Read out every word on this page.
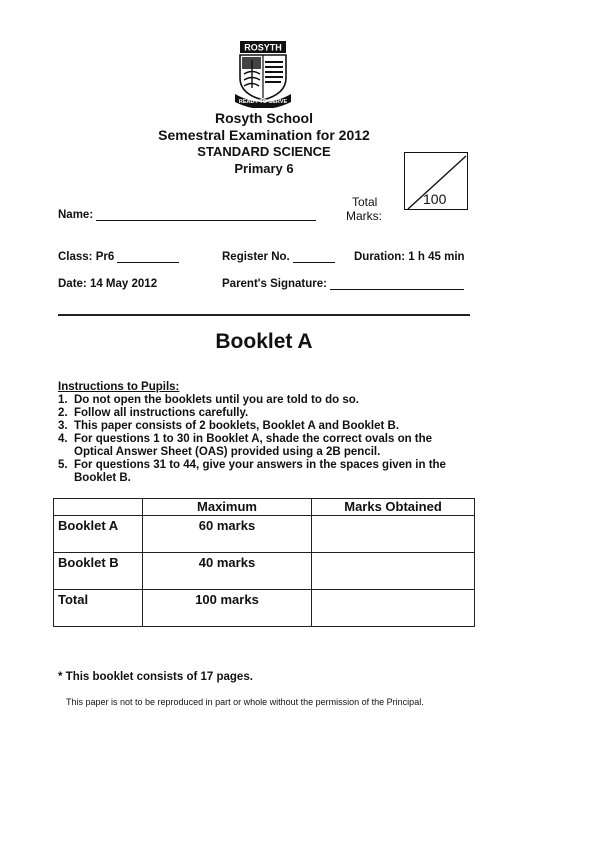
ROSYTH
READY TO SERVE
Rosyth School
Semestral Examination for 2012
STANDARD SCIENCE
Primary 6
100
Total
Marks:
Name:
Class: Pr6	Register No.	Duration: 1 h 45 min
Date: 14 May 2012	Parent's Signature:
Booklet A
Instructions to Pupils:
1. Do not open the booklets until you are told to do so.
2. Follow all instructions carefully.
3. This paper consists of 2 booklets, Booklet A and Booklet B.
4. For questions 1 to 30 in Booklet A, shade the correct ovals on the Optical Answer Sheet (OAS) provided using a 2B pencil.
5. For questions 31 to 44, give your answers in the spaces given in the Booklet B.
	Maximum	Marks Obtained
Booklet A	60 marks	
Booklet B	40 marks	
Total	100 marks	
* This booklet consists of 17 pages.
This paper is not to be reproduced in part or whole without the permission of the Principal.
